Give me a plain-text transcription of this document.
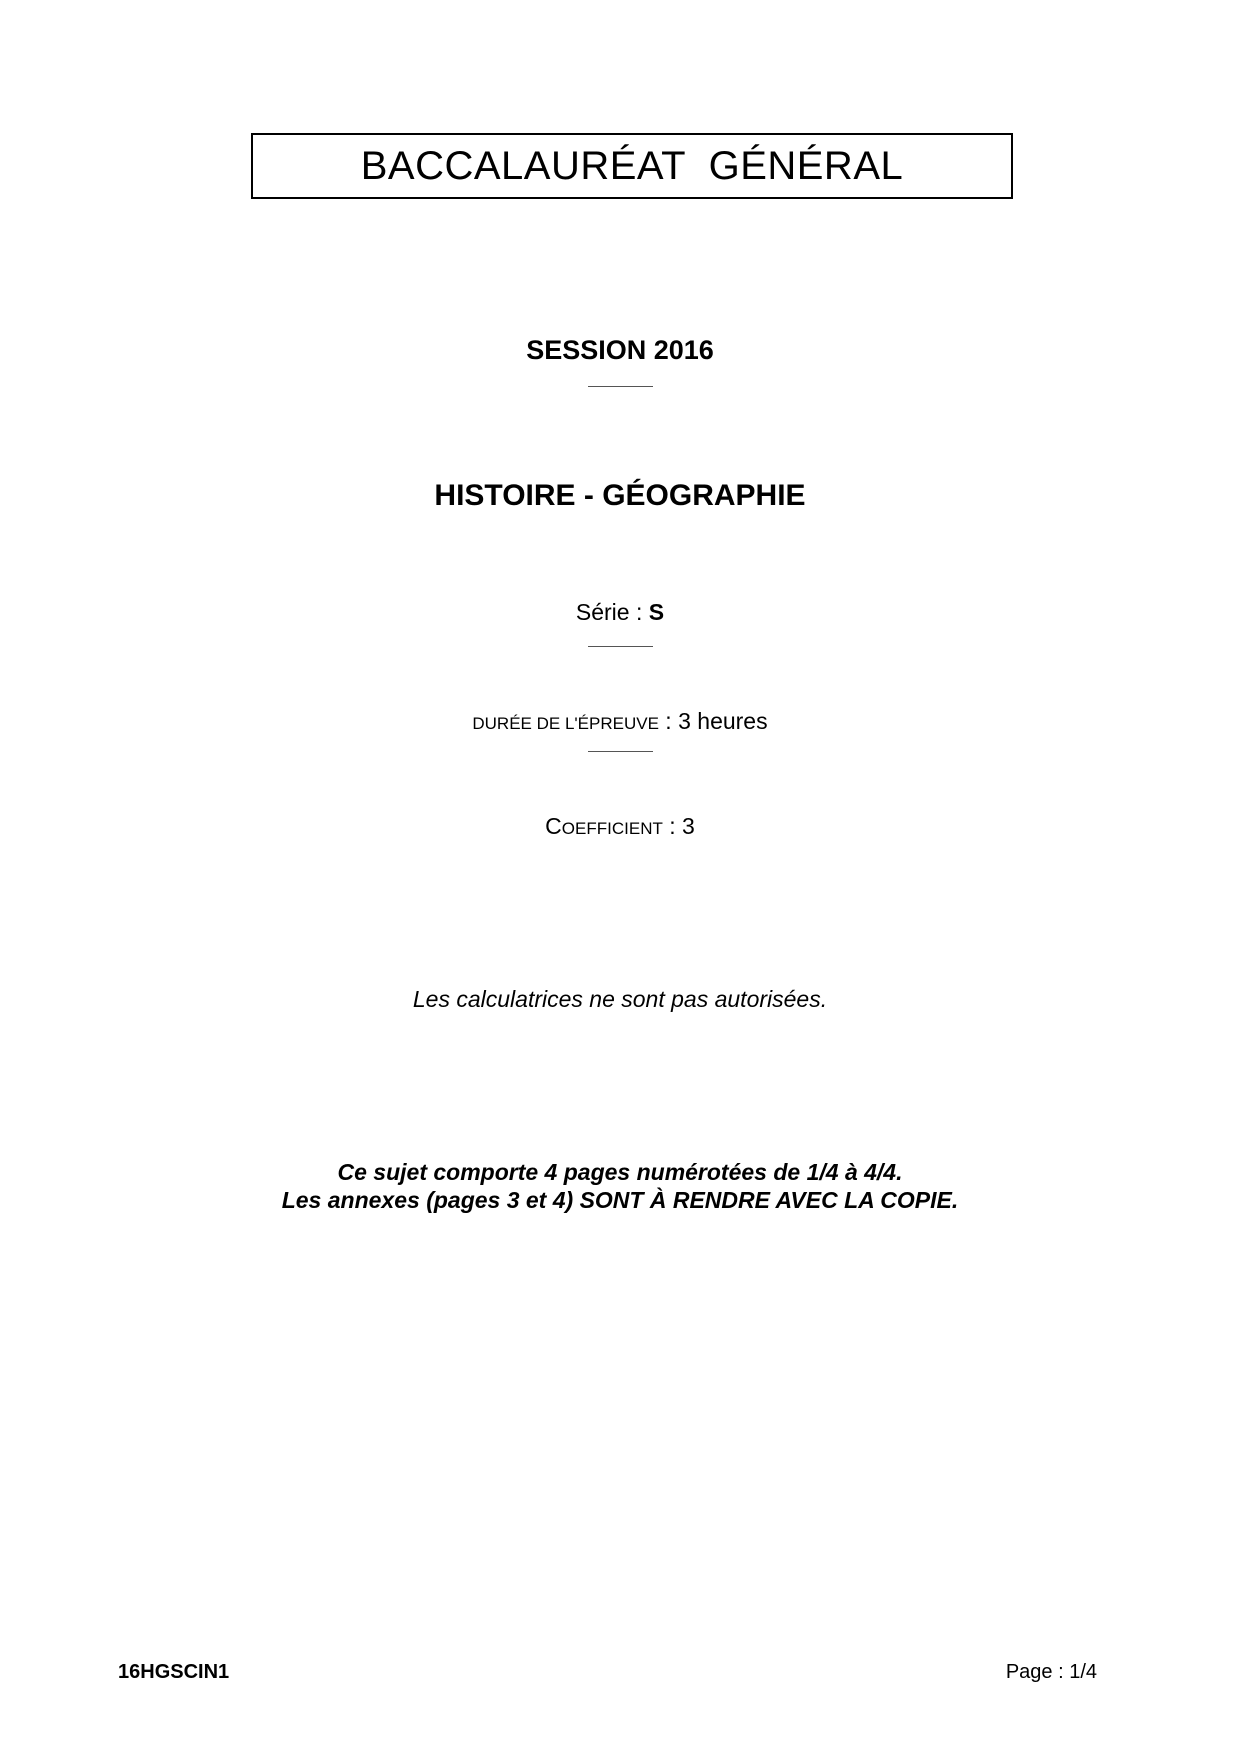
BACCALAURÉAT  GÉNÉRAL
SESSION 2016
HISTOIRE - GÉOGRAPHIE
Série : S
DURÉE DE L'ÉPREUVE : 3 heures
COEFFICIENT : 3
Les calculatrices ne sont pas autorisées.
Ce sujet comporte 4 pages numérotées de 1/4 à 4/4.
Les annexes (pages 3 et 4) SONT À RENDRE AVEC LA COPIE.
16HGSCIN1	Page : 1/4
